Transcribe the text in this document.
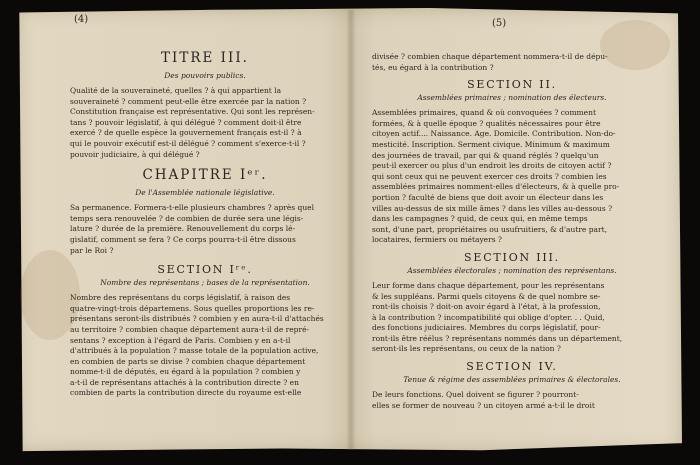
(4)
TITRE III.
Des pouvoirs publics.
Qualité de la souveraineté, quelles ? à qui appartient la
souveraineté ? comment peut-elle être exercée par la nation ?
Constitution française est représentative. Qui sont les représen-
tans ? pouvoir législatif, à qui délégué ? comment doit-il être
exercé ? de quelle espèce la gouvernement français est-il ? à
qui le pouvoir exécutif est-il délégué ? comment s'exerce-t-il ?
pouvoir judiciaire, à qui délégué ?
CHAPITRE Iᵉʳ.
De l'Assemblée nationale législative.
Sa permanence. Formera-t-elle plusieurs chambres ? après quel
temps sera renouvelée ? de combien de durée sera une légis-
lature ? durée de la première. Renouvellement du corps lé-
gislatif, comment se fera ? Ce corps pourra-t-il être dissous
par le Roi ?
SECTION Iʳᵉ.
Nombre des représentans ; bases de la représentation.
Nombre des représentans du corps législatif, à raison des
quatre-vingt-trois départemens. Sous quelles proportions les re-
présentans seront-ils distribués ? combien y en aura-t-il d'attachés
au territoire ? combien chaque département aura-t-il de repré-
sentans ? exception à l'égard de Paris. Combien y en a-t-il
d'attribués à la population ? masse totale de la population active,
en combien de parts se divise ? combien chaque département
nomme-t-il de députés, eu égard à la population ? combien y
a-t-il de représentans attachés à la contribution directe ? en
combien de parts la contribution directe du royaume est-elle
(5)
divisée ? combien chaque département nommera-t-il de dépu-
tés, eu égard à la contribution ?
SECTION II.
Assemblées primaires ; nomination des électeurs.
Assemblées primaires, quand & où convoquées ? comment
formées, & à quelle époque ? qualités nécessaires pour être
citoyen actif.... Naissance. Age. Domicile. Contribution. Non-do-
mesticité. Inscription. Serment civique. Minimum & maximum
des journées de travail, par qui & quand réglés ? quelqu'un
peut-il exercer ou plus d'un endroit les droits de citoyen actif ?
qui sont ceux qui ne peuvent exercer ces droits ? combien les
assemblées primaires nomment-elles d'électeurs, & à quelle pro-
portion ? faculté de biens que doit avoir un électeur dans les
villes au-dessus de six mille âmes ? dans les villes au-dessous ?
dans les campagnes ? quid, de ceux qui, en même temps
sont, d'une part, propriétaires ou usufruitiers, & d'autre part,
locataires, fermiers ou métayers ?
SECTION III.
Assemblées électorales ; nomination des représentans.
Leur forme dans chaque département, pour les représentans
& les suppléans. Parmi quels citoyens & de quel nombre se-
ront-ils choisis ? doit-on avoir égard à l'état, à la profession,
à la contribution ? incompatibilité qui oblige d'opter. . . Quid,
des fonctions judiciaires. Membres du corps législatif, pour-
ront-ils être réélus ? représentans nommés dans un département,
seront-ils les représentans, ou ceux de la nation ?
SECTION IV.
Tenue & régime des assemblées primaires & électorales.
De leurs fonctions. Quel doivent se figurer ? pourront-
elles se former de nouveau ? un citoyen armé a-t-il le droit
